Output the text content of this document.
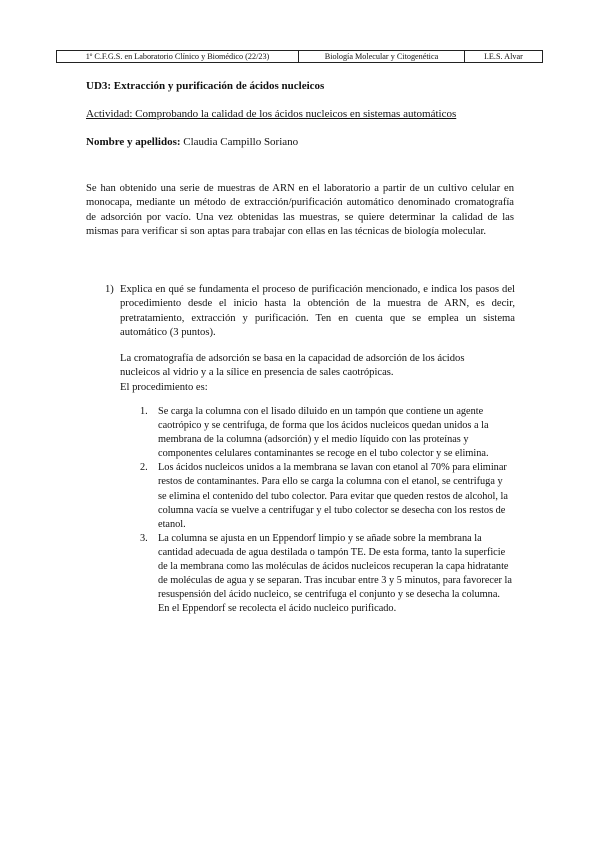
1º C.F.G.S. en Laboratorio Clínico y Biomédico (22/23)	Biología Molecular y Citogenética	I.E.S. Alvar
UD3: Extracción y purificación de ácidos nucleicos
Actividad: Comprobando la calidad de los ácidos nucleicos en sistemas automáticos
Nombre y apellidos: Claudia Campillo Soriano
Se han obtenido una serie de muestras de ARN en el laboratorio a partir de un cultivo celular en monocapa, mediante un método de extracción/purificación automático denominado cromatografía de adsorción por vacío. Una vez obtenidas las muestras, se quiere determinar la calidad de las mismas para verificar si son aptas para trabajar con ellas en las técnicas de biología molecular.
1) Explica en qué se fundamenta el proceso de purificación mencionado, e indica los pasos del procedimiento desde el inicio hasta la obtención de la muestra de ARN, es decir, pretratamiento, extracción y purificación. Ten en cuenta que se emplea un sistema automático (3 puntos).

La cromatografía de adsorción se basa en la capacidad de adsorción de los ácidos nucleicos al vidrio y a la sílice en presencia de sales caotrópicas.

El procedimiento es:

1. Se carga la columna con el lisado diluido en un tampón que contiene un agente caotrópico y se centrifuga, de forma que los ácidos nucleicos quedan unidos a la membrana de la columna (adsorción) y el medio líquido con las proteínas y componentes celulares contaminantes se recoge en el tubo colector y se elimina.
2. Los ácidos nucleicos unidos a la membrana se lavan con etanol al 70% para eliminar restos de contaminantes. Para ello se carga la columna con el etanol, se centrifuga y se elimina el contenido del tubo colector. Para evitar que queden restos de alcohol, la columna vacía se vuelve a centrifugar y el tubo colector se desecha con los restos de etanol.
3. La columna se ajusta en un Eppendorf limpio y se añade sobre la membrana la cantidad adecuada de agua destilada o tampón TE. De esta forma, tanto la superficie de la membrana como las moléculas de ácidos nucleicos recuperan la capa hidratante de moléculas de agua y se separan. Tras incubar entre 3 y 5 minutos, para favorecer la resuspensión del ácido nucleico, se centrifuga el conjunto y se desecha la columna. En el Eppendorf se recolecta el ácido nucleico purificado.
